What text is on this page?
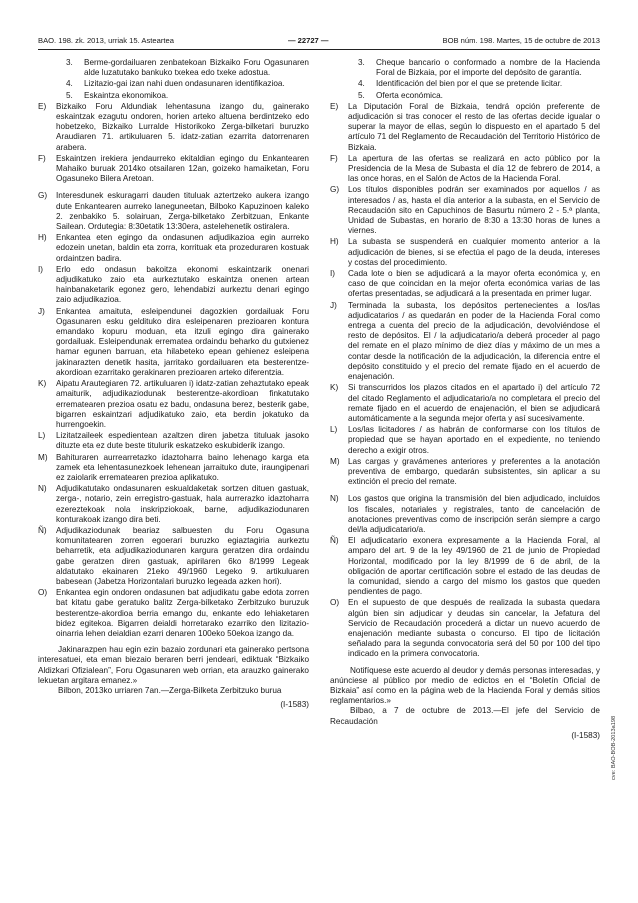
BAO. 198. zk. 2013, urriak 15. Asteartea	— 22727 —	BOB núm. 198. Martes, 15 de octubre de 2013
3.	Berme-gordailuaren zenbatekoan Bizkaiko Foru Ogasunaren alde luzatutako bankuko txekea edo txeke adostua.
4.	Lizitazio-gai izan nahi duen ondasunaren identifikazioa.
5.	Eskaintza ekonomikoa.
E)	Bizkaiko Foru Aldundiak lehentasuna izango du, gainerako eskaintzak ezagutu ondoren, horien arteko altuena berdintzeko edo hobetzeko, Bizkaiko Lurralde Historikoko Zerga-bilketari buruzko Araudiaren 71. artikuluaren 5. idatz-zatian ezarrita datorrenaren arabera.
F)	Eskaintzen irekiera jendaurreko ekitaldian egingo du Enkantearen Mahaiko buruak 2014ko otsailaren 12an, goizeko hamaiketan, Foru Ogasuneko Bilera Aretoan.
G)	Interesdunek eskuragarri dauden tituluak aztertzeko aukera izango dute Enkantearen aurreko laneguneetan, Bilboko Kapuzinoen kaleko 2. zenbakiko 5. solairuan, Zerga-bilketako Zerbitzuan, Enkante Sailean. Ordutegia: 8:30etatik 13:30era, astelehenetik ostiralera.
H)	Enkantea eten egingo da ondasunen adjudikazioa egin aurreko edozein unetan, baldin eta zorra, korrituak eta prozeduraren kostuak ordaintzen badira.
I)	Erlo edo ondasun bakoitza ekonomi eskaintzarik onenari adjudikatuko zaio eta aurkeztutako eskaintza onenen artean hainbanaketarik egonez gero, lehendabizi aurkeztu denari egingo zaio adjudikazioa.
J)	Enkantea amaituta, esleipendunei dagozkien gordailuak Foru Ogasunaren esku geldituko dira esleipenaren prezioaren kontura emandako kopuru moduan, eta itzuli egingo dira gainerako gordailuak. Esleipendunak errematea ordaindu beharko du gutxienez hamar egunen barruan, eta hilabeteko epean gehienez esleipena jakinarazten denetik hasita, jarritako gordailuaren eta besterentze-akordioan ezarritako gerakinaren prezioaren arteko diferentzia.
K)	Aipatu Arautegiaren 72. artikuluaren i) idatz-zatian zehaztutako epeak amaiturik, adjudikaziodunak besterentze-akordioan finkatutako errematearen prezioa osatu ez badu, ondasuna berez, besterik gabe, bigarren eskaintzari adjudikatuko zaio, eta berdin jokatuko da hurrengoekin.
L)	Lizitatzaileek espedientean azaltzen diren jabetza tituluak jasoko dituzte eta ez dute beste titulurik eskatzeko eskubiderik izango.
M)	Bahituraren aurrearretazko idaztoharra baino lehenago karga eta zamek eta lehentasunezkoek lehenean jarraituko dute, iraungipenari ez zaiolarik errematearen prezioa aplikatuko.
N)	Adjudikatutako ondasunaren eskualdaketak sortzen dituen gastuak, zerga-, notario, zein erregistro-gastuak, hala aurrerazko idaztoharra ezereztekoak nola inskripziokoak, barne, adjudikaziodunaren konturakoak izango dira beti.
Ñ)	Adjudikaziodunak beariaz salbuesten du Foru Ogasuna komunitatearen zorren egoerari buruzko egiaztagiria aurkeztu beharretik, eta adjudikaziodunaren kargura geratzen dira ordaindu gabe geratzen diren gastuak, apirilaren 6ko 8/1999 Legeak aldatutako ekainaren 21eko 49/1960 Legeko 9. artikuluaren babesean (Jabetza Horizontalari buruzko legeada azken hori).
O)	Enkantea egin ondoren ondasunen bat adjudikatu gabe edota zorren bat kitatu gabe geratuko balitz Zerga-bilketako Zerbitzuko buruzuk besterentze-akordioa berria emango du, enkante edo lehiaketaren bidez egitekoa. Bigarren deialdi horretarako ezarriko den lizitazio-oinarria lehen deialdian ezarri denaren 100eko 50ekoa izango da.

Jakinarazpen hau egin ezin bazaio zordunari eta gainerako pertsona interesatuei, eta eman biezaio beraren berri jendeari, ediktuak “Bizkaiko Aldizkari Ofizialean”, Foru Ogasunaren web orrian, eta arauzko gainerako lekuetan argitara emanez.»

Bilbon, 2013ko urriaren 7an.—Zerga-Bilketa Zerbitzuko burua

(I-1583)
3.	Cheque bancario o conformado a nombre de la Hacienda Foral de Bizkaia, por el importe del depósito de garantía.
4.	Identificación del bien por el que se pretende licitar.
5.	Oferta económica.
E)	La Diputación Foral de Bizkaia, tendrá opción preferente de adjudicación si tras conocer el resto de las ofertas decide igualar o superar la mayor de ellas, según lo dispuesto en el apartado 5 del artículo 71 del Reglamento de Recaudación del Territorio Histórico de Bizkaia.
F)	La apertura de las ofertas se realizará en acto público por la Presidencia de la Mesa de Subasta el día 12 de febrero de 2014, a las once horas, en el Salón de Actos de la Hacienda Foral.
G)	Los títulos disponibles podrán ser examinados por aquellos / as interesados / as, hasta el día anterior a la subasta, en el Servicio de Recaudación sito en Capuchinos de Basurtu número 2 - 5.ª planta, Unidad de Subastas, en horario de 8:30 a 13:30 horas de lunes a viernes.
H)	La subasta se suspenderá en cualquier momento anterior a la adjudicación de bienes, si se efectúa el pago de la deuda, intereses y costas del procedimiento.
I)	Cada lote o bien se adjudicará a la mayor oferta económica y, en caso de que coincidan en la mejor oferta económica varias de las ofertas presentadas, se adjudicará a la presentada en primer lugar.
J)	Terminada la subasta, los depósitos pertenecientes a los/las adjudicatarios / as quedarán en poder de la Hacienda Foral como entrega a cuenta del precio de la adjudicación, devolviéndose el resto de depósitos. El / la adjudicatario/a deberá proceder al pago del remate en el plazo mínimo de diez días y máximo de un mes a contar desde la notificación de la adjudicación, la diferencia entre el depósito constituido y el precio del remate fijado en el acuerdo de enajenación.
K)	Si transcurridos los plazos citados en el apartado i) del artículo 72 del citado Reglamento el adjudicatario/a no completara el precio del remate fijado en el acuerdo de enajenación, el bien se adjudicará automáticamente a la segunda mejor oferta y así sucesivamente.
L)	Los/las licitadores / as habrán de conformarse con los títulos de propiedad que se hayan aportado en el expediente, no teniendo derecho a exigir otros.
M)	Las cargas y gravámenes anteriores y preferentes a la anotación preventiva de embargo, quedarán subsistentes, sin aplicar a su extinción el precio del remate.
N)	Los gastos que origina la transmisión del bien adjudicado, incluidos los fiscales, notariales y registrales, tanto de cancelación de anotaciones preventivas como de inscripción serán siempre a cargo del/la adjudicatario/a.
Ñ)	El adjudicatario exonera expresamente a la Hacienda Foral, al amparo del art. 9 de la ley 49/1960 de 21 de junio de Propiedad Horizontal, modificado por la ley 8/1999 de 6 de abril, de la obligación de aportar certificación sobre el estado de las deudas de la comunidad, siendo a cargo del mismo los gastos que queden pendientes de pago.
O)	En el supuesto de que después de realizada la subasta quedara algún bien sin adjudicar y deudas sin cancelar, la Jefatura del Servicio de Recaudación procederá a dictar un nuevo acuerdo de enajenación mediante subasta o concurso. El tipo de licitación señalado para la segunda convocatoria será del 50 por 100 del tipo indicado en la primera convocatoria.

Notifíquese este acuerdo al deudor y demás personas interesadas, y anúnciese al público por medio de edictos en el “Boletín Oficial de Bizkaia” así como en la página web de la Hacienda Foral y demás sitios reglamentarios.»

Bilbao, a 7 de octubre de 2013.—El jefe del Servicio de Recaudación

(I-1583) cve: BAO-BOB-2013a198
